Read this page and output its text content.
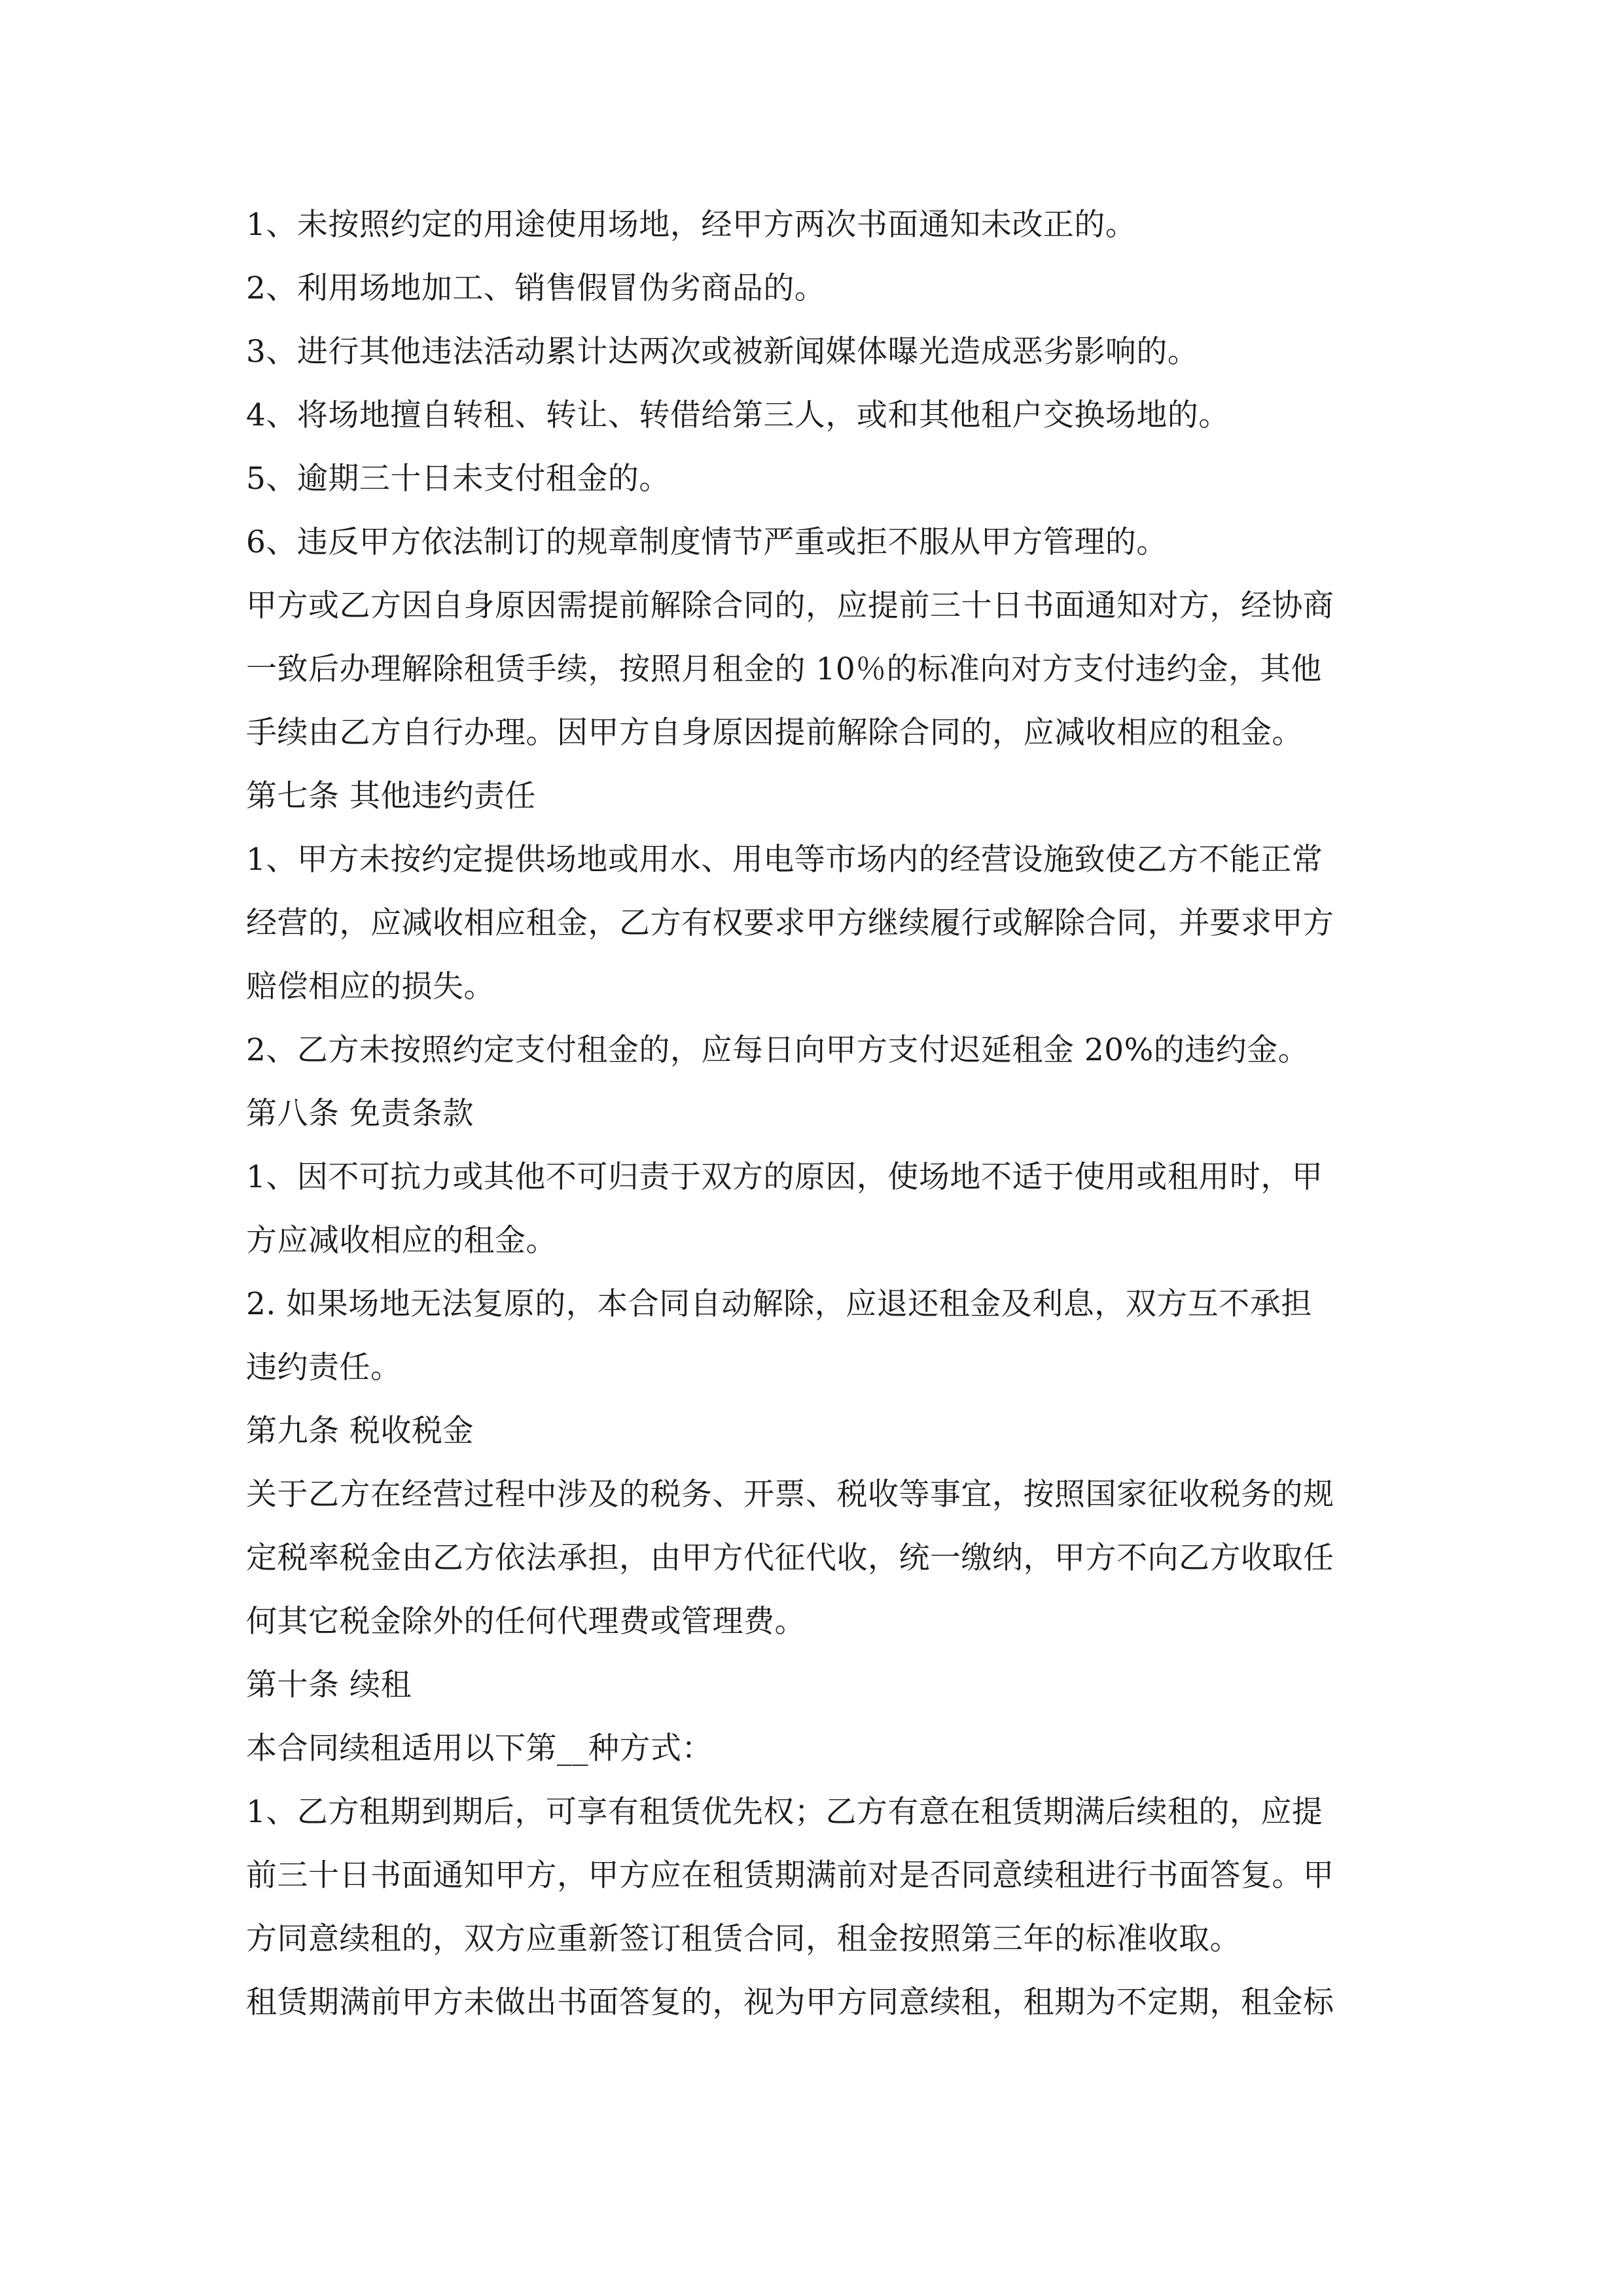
1、未按照约定的用途使用场地，经甲方两次书面通知未改正的。
2、利用场地加工、销售假冒伪劣商品的。
3、进行其他违法活动累计达两次或被新闻媒体曝光造成恶劣影响的。
4、将场地擅自转租、转让、转借给第三人，或和其他租户交换场地的。
5、逾期三十日未支付租金的。
6、违反甲方依法制订的规章制度情节严重或拒不服从甲方管理的。
甲方或乙方因自身原因需提前解除合同的，应提前三十日书面通知对方，经协商
一致后办理解除租赁手续，按照月租金的 10％的标准向对方支付违约金，其他
手续由乙方自行办理。因甲方自身原因提前解除合同的，应减收相应的租金。
第七条 其他违约责任
1、甲方未按约定提供场地或用水、用电等市场内的经营设施致使乙方不能正常
经营的，应减收相应租金，乙方有权要求甲方继续履行或解除合同，并要求甲方
赔偿相应的损失。
2、乙方未按照约定支付租金的，应每日向甲方支付迟延租金 20%的违约金。
第八条 免责条款
1、因不可抗力或其他不可归责于双方的原因，使场地不适于使用或租用时，甲
方应减收相应的租金。
2. 如果场地无法复原的，本合同自动解除，应退还租金及利息，双方互不承担
违约责任。
第九条 税收税金
关于乙方在经营过程中涉及的税务、开票、税收等事宜，按照国家征收税务的规
定税率税金由乙方依法承担，由甲方代征代收，统一缴纳，甲方不向乙方收取任
何其它税金除外的任何代理费或管理费。
第十条 续租
本合同续租适用以下第__种方式：
1、乙方租期到期后，可享有租赁优先权；乙方有意在租赁期满后续租的，应提
前三十日书面通知甲方，甲方应在租赁期满前对是否同意续租进行书面答复。甲
方同意续租的，双方应重新签订租赁合同，租金按照第三年的标准收取。
租赁期满前甲方未做出书面答复的，视为甲方同意续租，租期为不定期，租金标
